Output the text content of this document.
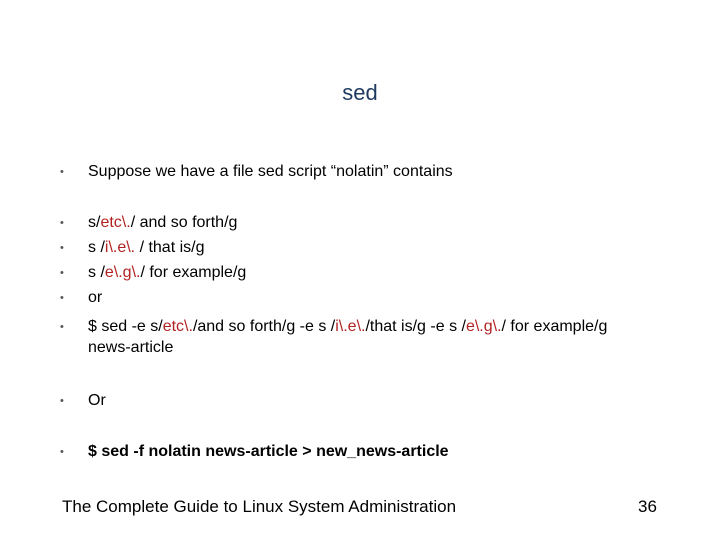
sed
• Suppose we have a file sed script “nolatin” contains
• s/etc\./ and so forth/g
• s /i\.e\. / that is/g
• s /e\.g\./ for example/g
• or
• $ sed -e s/etc\./and so forth/g -e s /i\.e\./that is/g -e s /e\.g\./ for example/g news-article
• Or
• $ sed -f nolatin news-article > new_news-article
The Complete Guide to Linux System Administration	36
